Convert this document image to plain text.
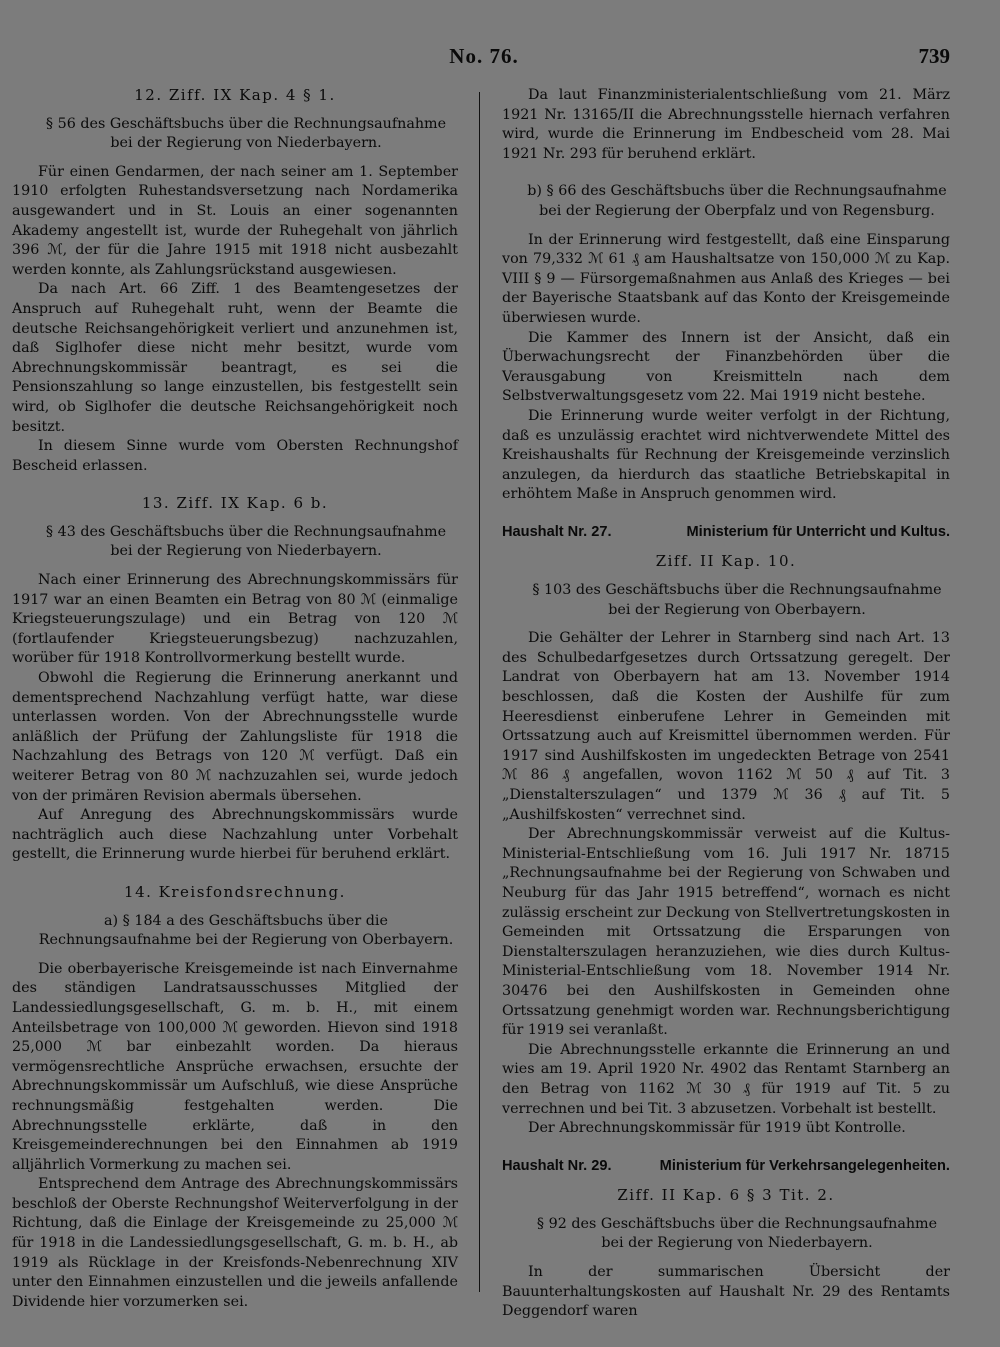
No. 76.	739
12. Ziff. IX Kap. 4 § 1.

§ 56 des Geschäftsbuchs über die Rechnungsaufnahme bei der Regierung von Niederbayern.

Für einen Gendarmen, der nach seiner am 1. September 1910 erfolgten Ruhestandsversetzung nach Nordamerika ausgewandert und in St. Louis an einer sogenannten Akademy angestellt ist, wurde der Ruhegehalt von jährlich 396 ℳ, der für die Jahre 1915 mit 1918 nicht ausbezahlt werden konnte, als Zahlungsrückstand ausgewiesen.

Da nach Art. 66 Ziff. 1 des Beamtengesetzes der Anspruch auf Ruhegehalt ruht, wenn der Beamte die deutsche Reichsangehörigkeit verliert und anzunehmen ist, daß Siglhofer diese nicht mehr besitzt, wurde vom Abrechnungskommissär beantragt, es sei die Pensionszahlung so lange einzustellen, bis festgestellt sein wird, ob Siglhofer die deutsche Reichsangehörigkeit noch besitzt.

In diesem Sinne wurde vom Obersten Rechnungshof Bescheid erlassen.

13. Ziff. IX Kap. 6 b.

§ 43 des Geschäftsbuchs über die Rechnungsaufnahme bei der Regierung von Niederbayern.

Nach einer Erinnerung des Abrechnungskommissärs für 1917 war an einen Beamten ein Betrag von 80 ℳ (einmalige Kriegsteuerungszulage) und ein Betrag von 120 ℳ (fortlaufender Kriegsteuerungsbezug) nachzuzahlen, worüber für 1918 Kontrollvormerkung bestellt wurde.

Obwohl die Regierung die Erinnerung anerkannt und dementsprechend Nachzahlung verfügt hatte, war diese unterlassen worden. Von der Abrechnungsstelle wurde anläßlich der Prüfung der Zahlungsliste für 1918 die Nachzahlung des Betrags von 120 ℳ verfügt. Daß ein weiterer Betrag von 80 ℳ nachzuzahlen sei, wurde jedoch von der primären Revision abermals übersehen.

Auf Anregung des Abrechnungskommissärs wurde nachträglich auch diese Nachzahlung unter Vorbehalt gestellt, die Erinnerung wurde hierbei für beruhend erklärt.

14. Kreisfondsrechnung.

a) § 184 a des Geschäftsbuchs über die Rechnungsaufnahme bei der Regierung von Oberbayern.

Die oberbayerische Kreisgemeinde ist nach Einvernahme des ständigen Landratsausschusses Mitglied der Landessiedlungsgesellschaft, G. m. b. H., mit einem Anteilsbetrage von 100,000 ℳ geworden. Hievon sind 1918 25,000 ℳ bar einbezahlt worden. Da hieraus vermögensrechtliche Ansprüche erwachsen, ersuchte der Abrechnungskommissär um Aufschluß, wie diese Ansprüche rechnungsmäßig festgehalten werden. Die Abrechnungsstelle erklärte, daß in den Kreisgemeinderechnungen bei den Einnahmen ab 1919 alljährlich Vormerkung zu machen sei.

Entsprechend dem Antrage des Abrechnungskommissärs beschloß der Oberste Rechnungshof Weiterverfolgung in der Richtung, daß die Einlage der Kreisgemeinde zu 25,000 ℳ für 1918 in die Landessiedlungsgesellschaft, G. m. b. H., ab 1919 als Rücklage in der Kreisfonds-Nebenrechnung XIV unter den Einnahmen einzustellen und die jeweils anfallende Dividende hier vorzumerken sei.

Da laut Finanzministerialentschließung vom 21. März 1921 Nr. 13165/II die Abrechnungsstelle hiernach verfahren wird, wurde die Erinnerung im Endbescheid vom 28. Mai 1921 Nr. 293 für beruhend erklärt.

b) § 66 des Geschäftsbuchs über die Rechnungsaufnahme bei der Regierung der Oberpfalz und von Regensburg.

In der Erinnerung wird festgestellt, daß eine Einsparung von 79,332 ℳ 61 ₰ am Haushaltsatze von 150,000 ℳ zu Kap. VIII § 9 — Fürsorgemaßnahmen aus Anlaß des Krieges — bei der Bayerische Staatsbank auf das Konto der Kreisgemeinde überwiesen wurde.

Die Kammer des Innern ist der Ansicht, daß ein Überwachungsrecht der Finanzbehörden über die Verausgabung von Kreismitteln nach dem Selbstverwaltungsgesetz vom 22. Mai 1919 nicht bestehe.

Die Erinnerung wurde weiter verfolgt in der Richtung, daß es unzulässig erachtet wird nichtverwendete Mittel des Kreishaushalts für Rechnung der Kreisgemeinde verzinslich anzulegen, da hierdurch das staatliche Betriebskapital in erhöhtem Maße in Anspruch genommen wird.

Haushalt Nr. 27.	Ministerium für Unterricht und Kultus.

Ziff. II Kap. 10.

§ 103 des Geschäftsbuchs über die Rechnungsaufnahme bei der Regierung von Oberbayern.

Die Gehälter der Lehrer in Starnberg sind nach Art. 13 des Schulbedarfgesetzes durch Ortssatzung geregelt. Der Landrat von Oberbayern hat am 13. November 1914 beschlossen, daß die Kosten der Aushilfe für zum Heeresdienst einberufene Lehrer in Gemeinden mit Ortssatzung auch auf Kreismittel übernommen werden. Für 1917 sind Aushilfskosten im ungedeckten Betrage von 2541 ℳ 86 ₰ angefallen, wovon 1162 ℳ 50 ₰ auf Tit. 3 „Dienstalterszulagen“ und 1379 ℳ 36 ₰ auf Tit. 5 „Aushilfskosten“ verrechnet sind.

Der Abrechnungskommissär verweist auf die Kultus-Ministerial-Entschließung vom 16. Juli 1917 Nr. 18715 „Rechnungsaufnahme bei der Regierung von Schwaben und Neuburg für das Jahr 1915 betreffend“, wornach es nicht zulässig erscheint zur Deckung von Stellvertretungskosten in Gemeinden mit Ortssatzung die Ersparungen von Dienstalterszulagen heranzuziehen, wie dies durch Kultus-Ministerial-Entschließung vom 18. November 1914 Nr. 30476 bei den Aushilfskosten in Gemeinden ohne Ortssatzung genehmigt worden war. Rechnungsberichtigung für 1919 sei veranlaßt.

Die Abrechnungsstelle erkannte die Erinnerung an und wies am 19. April 1920 Nr. 4902 das Rentamt Starnberg an den Betrag von 1162 ℳ 30 ₰ für 1919 auf Tit. 5 zu verrechnen und bei Tit. 3 abzusetzen. Vorbehalt ist bestellt.

Der Abrechnungskommissär für 1919 übt Kontrolle.

Haushalt Nr. 29.	Ministerium für Verkehrsangelegenheiten.

Ziff. II Kap. 6 § 3 Tit. 2.

§ 92 des Geschäftsbuchs über die Rechnungsaufnahme bei der Regierung von Niederbayern.

In der summarischen Übersicht der Bauunterhaltungskosten auf Haushalt Nr. 29 des Rentamts Deggendorf waren
